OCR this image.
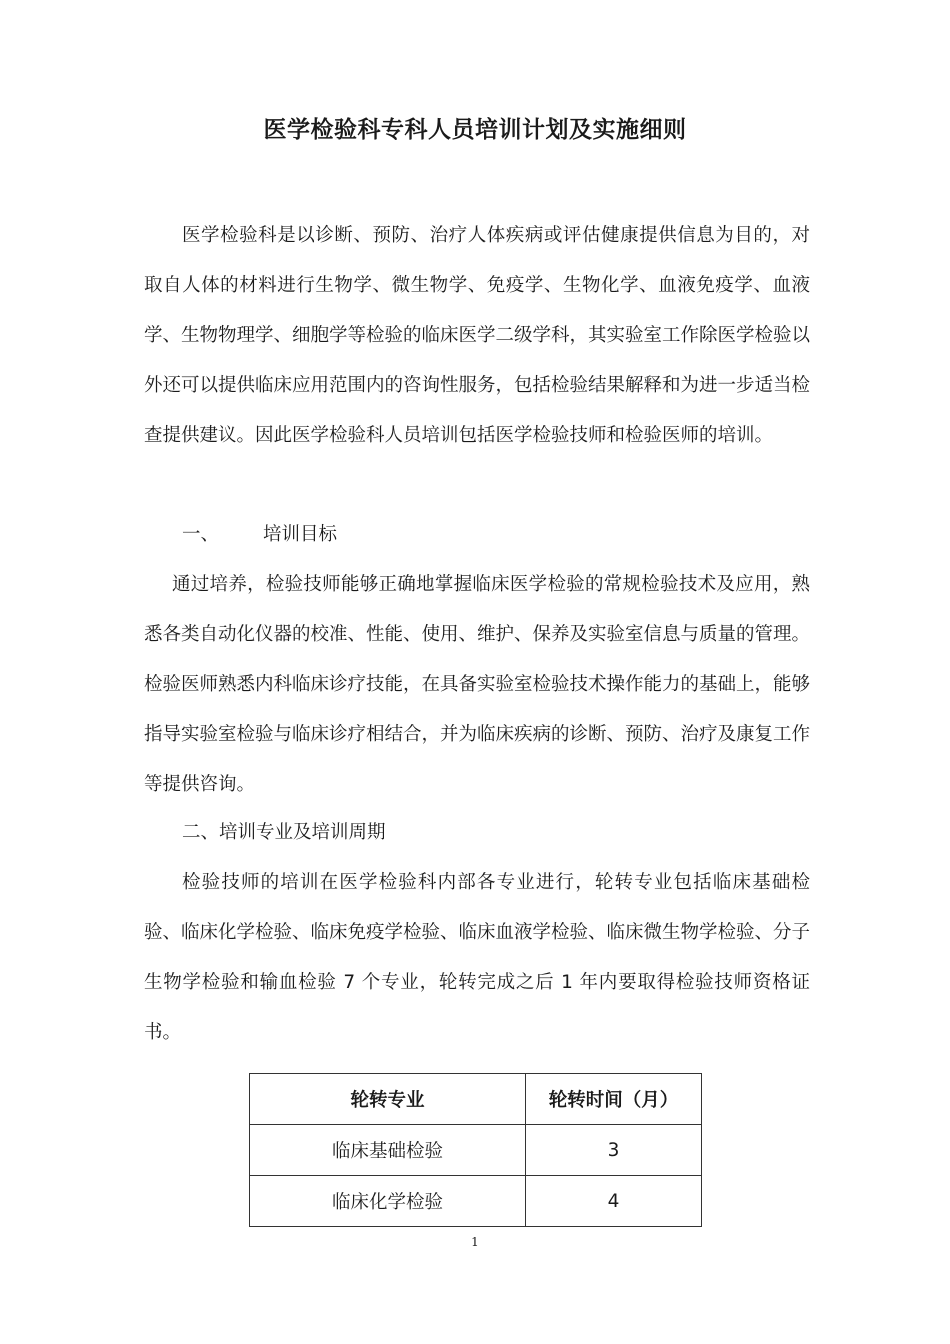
医学检验科专科人员培训计划及实施细则

医学检验科是以诊断、预防、治疗人体疾病或评估健康提供信息为目的，对取自人体的材料进行生物学、微生物学、免疫学、生物化学、血液免疫学、血液学、生物物理学、细胞学等检验的临床医学二级学科，其实验室工作除医学检验以外还可以提供临床应用范围内的咨询性服务，包括检验结果解释和为进一步适当检查提供建议。因此医学检验科人员培训包括医学检验技师和检验医师的培训。

一、 培训目标

通过培养，检验技师能够正确地掌握临床医学检验的常规检验技术及应用，熟悉各类自动化仪器的校准、性能、使用、维护、保养及实验室信息与质量的管理。检验医师熟悉内科临床诊疗技能，在具备实验室检验技术操作能力的基础上，能够指导实验室检验与临床诊疗相结合，并为临床疾病的诊断、预防、治疗及康复工作等提供咨询。

二、培训专业及培训周期

检验技师的培训在医学检验科内部各专业进行，轮转专业包括临床基础检验、临床化学检验、临床免疫学检验、临床血液学检验、临床微生物学检验、分子生物学检验和输血检验 7 个专业，轮转完成之后 1 年内要取得检验技师资格证书。

轮转专业	轮转时间（月）
临床基础检验	3
临床化学检验	4
1
